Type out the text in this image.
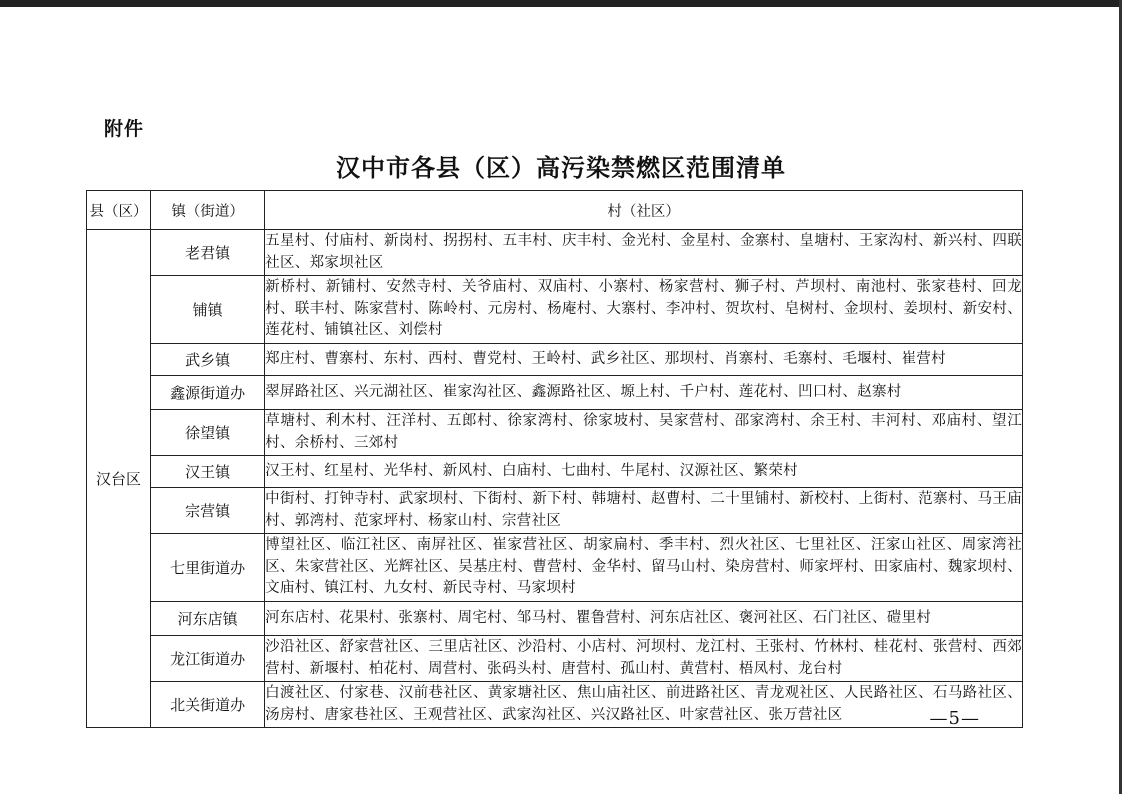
附件
汉中市各县（区）高污染禁燃区范围清单
县（区）	镇（街道）	村（社区）
汉台区	老君镇	五星村、付庙村、新岗村、拐拐村、五丰村、庆丰村、金光村、金星村、金寨村、皇塘村、王家沟村、新兴村、四联社区、郑家坝社区
	铺镇	新桥村、新铺村、安然寺村、关爷庙村、双庙村、小寨村、杨家营村、狮子村、芦坝村、南池村、张家巷村、回龙村、联丰村、陈家营村、陈岭村、元房村、杨庵村、大寨村、李冲村、贺坎村、皂树村、金坝村、姜坝村、新安村、莲花村、铺镇社区、刘偿村
	武乡镇	郑庄村、曹寨村、东村、西村、曹党村、王岭村、武乡社区、那坝村、肖寨村、毛寨村、毛堰村、崔营村
	鑫源街道办	翠屏路社区、兴元湖社区、崔家沟社区、鑫源路社区、塬上村、千户村、莲花村、凹口村、赵寨村
	徐望镇	草塘村、利木村、汪洋村、五郎村、徐家湾村、徐家坡村、吴家营村、邵家湾村、余王村、丰河村、邓庙村、望江村、余桥村、三郊村
	汉王镇	汉王村、红星村、光华村、新风村、白庙村、七曲村、牛尾村、汉源社区、繁荣村
	宗营镇	中街村、打钟寺村、武家坝村、下街村、新下村、韩塘村、赵曹村、二十里铺村、新校村、上街村、范寨村、马王庙村、郭湾村、范家坪村、杨家山村、宗营社区
	七里街道办	博望社区、临江社区、南屏社区、崔家营社区、胡家扁村、季丰村、烈火社区、七里社区、汪家山社区、周家湾社区、朱家营社区、光辉社区、吴基庄村、曹营村、金华村、留马山村、染房营村、师家坪村、田家庙村、魏家坝村、文庙村、镇江村、九女村、新民寺村、马家坝村
	河东店镇	河东店村、花果村、张寨村、周宅村、邹马村、瞿鲁营村、河东店社区、褒河社区、石门社区、磑里村
	龙江街道办	沙沿社区、舒家营社区、三里店社区、沙沿村、小店村、河坝村、龙江村、王张村、竹林村、桂花村、张营村、西郊营村、新堰村、柏花村、周营村、张码头村、唐营村、孤山村、黄营村、梧凤村、龙台村
	北关街道办	白渡社区、付家巷、汉前巷社区、黄家塘社区、焦山庙社区、前进路社区、青龙观社区、人民路社区、石马路社区、汤房村、唐家巷社区、王观营社区、武家沟社区、兴汉路社区、叶家营社区、张万营社区	—5—
